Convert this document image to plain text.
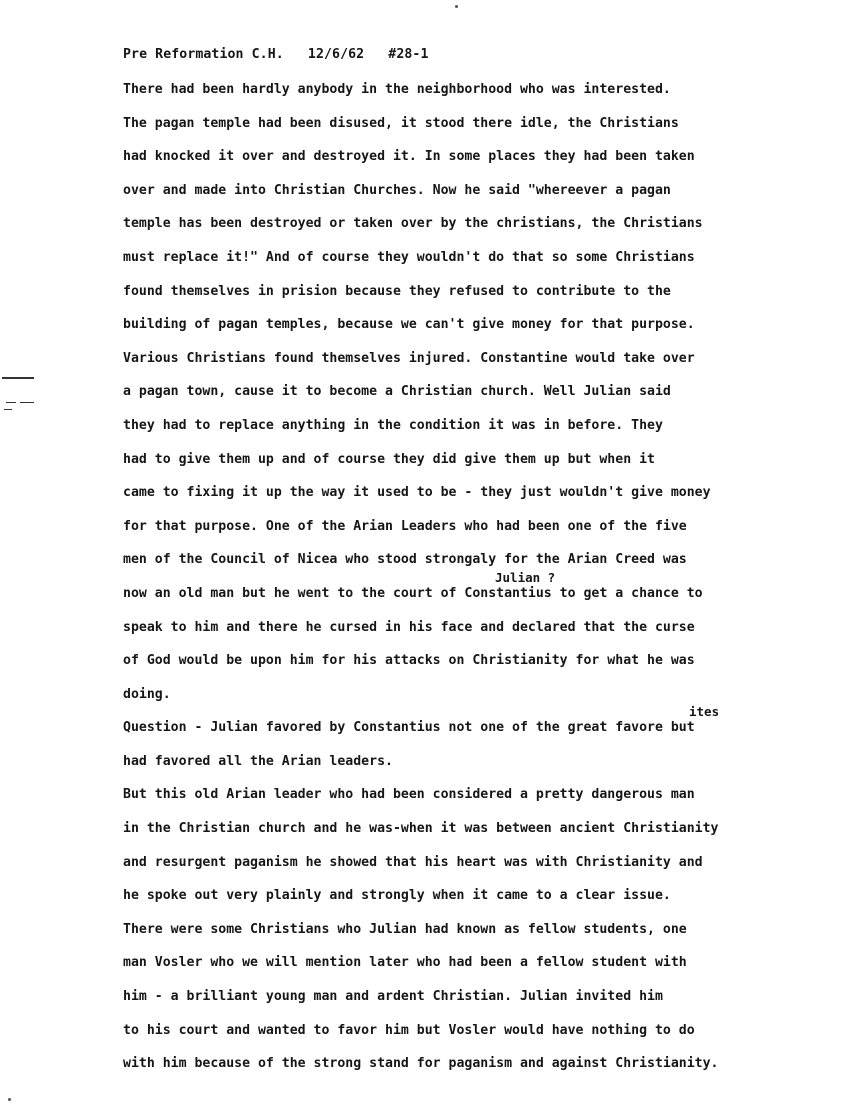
Pre Reformation C.H.   12/6/62   #28-1
There had been hardly anybody in the neighborhood who was interested.
The pagan temple had been disused, it stood there idle, the Christians
had knocked it over and destroyed it. In some places they had been taken
over and made into Christian Churches. Now he said "whereever a pagan
temple has been destroyed or taken over by the christians, the Christians
must replace it!" And of course they wouldn't do that so some Christians
found themselves in prision because they refused to contribute to the
building of pagan temples, because we can't give money for that purpose.
Various Christians found themselves injured. Constantine would take over
a pagan town, cause it to become a Christian church. Well Julian said
they had to replace anything in the condition it was in before. They
had to give them up and of course they did give them up but when it
came to fixing it up the way it used to be - they just wouldn't give money
for that purpose. One of the Arian Leaders who had been one of the five
men of the Council of Nicea who stood strongaly for the Arian Creed was
Julian ?
now an old man but he went to the court of Constantius to get a chance to
speak to him and there he cursed in his face and declared that the curse
of God would be upon him for his attacks on Christianity for what he was
doing.
ites
Question - Julian favored by Constantius not one of the great favore but
had favored all the Arian leaders.
But this old Arian leader who had been considered a pretty dangerous man
in the Christian church and he was-when it was between ancient Christianity
and resurgent paganism he showed that his heart was with Christianity and
he spoke out very plainly and strongly when it came to a clear issue.
There were some Christians who Julian had known as fellow students, one
man Vosler who we will mention later who had been a fellow student with
him - a brilliant young man and ardent Christian. Julian invited him
to his court and wanted to favor him but Vosler would have nothing to do
with him because of the strong stand for paganism and against Christianity.
